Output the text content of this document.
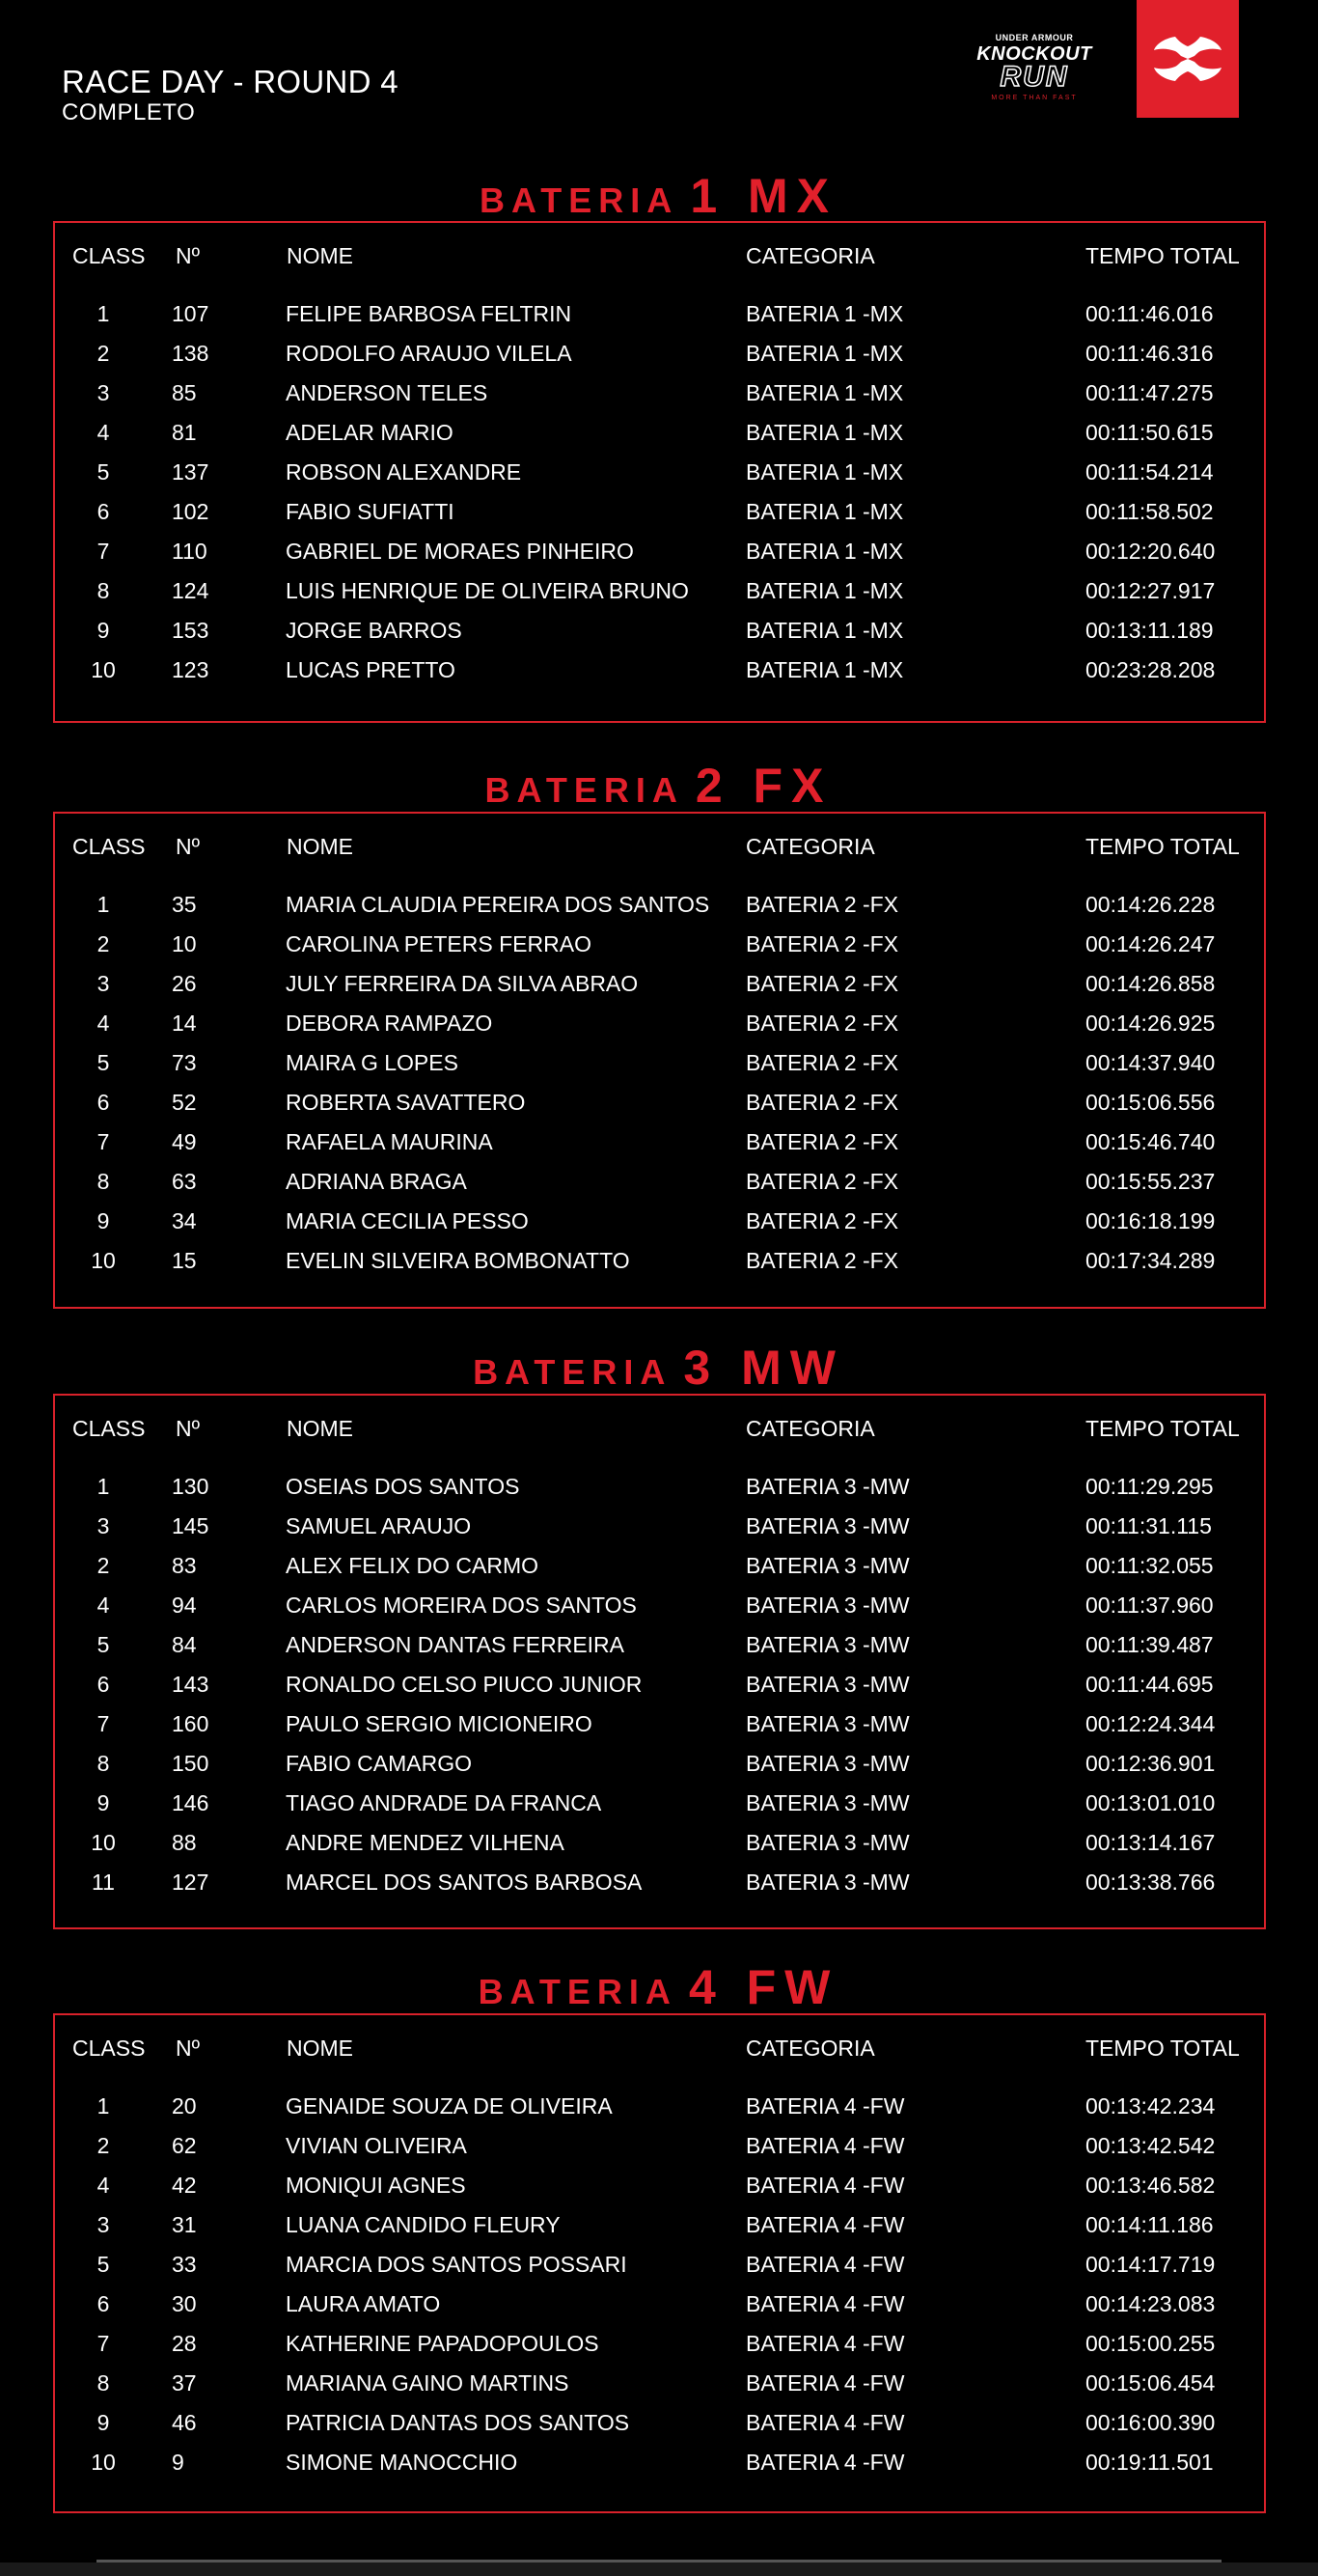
RACE DAY - ROUND 4
COMPLETO
UNDER ARMOUR
KNOCKOUT
RUN
MORE THAN FAST
BATERIA 1 MX
CLASS Nº	NOME	CATEGORIA	TEMPO TOTAL
1	107	FELIPE BARBOSA FELTRIN	BATERIA 1 -MX	00:11:46.016
2	138	RODOLFO ARAUJO VILELA	BATERIA 1 -MX	00:11:46.316
3	85	ANDERSON TELES	BATERIA 1 -MX	00:11:47.275
4	81	ADELAR MARIO	BATERIA 1 -MX	00:11:50.615
5	137	ROBSON ALEXANDRE	BATERIA 1 -MX	00:11:54.214
6	102	FABIO SUFIATTI	BATERIA 1 -MX	00:11:58.502
7	110	GABRIEL DE MORAES PINHEIRO	BATERIA 1 -MX	00:12:20.640
8	124	LUIS HENRIQUE DE OLIVEIRA BRUNO	BATERIA 1 -MX	00:12:27.917
9	153	JORGE BARROS	BATERIA 1 -MX	00:13:11.189
10	123	LUCAS PRETTO	BATERIA 1 -MX	00:23:28.208
BATERIA 2 FX
CLASS Nº	NOME	CATEGORIA	TEMPO TOTAL
1	35	MARIA CLAUDIA PEREIRA DOS SANTOS BATERIA 2 -FX	00:14:26.228
2	10	CAROLINA PETERS FERRAO	BATERIA 2 -FX	00:14:26.247
3	26	JULY FERREIRA DA SILVA ABRAO	BATERIA 2 -FX	00:14:26.858
4	14	DEBORA RAMPAZO	BATERIA 2 -FX	00:14:26.925
5	73	MAIRA G LOPES	BATERIA 2 -FX	00:14:37.940
6	52	ROBERTA SAVATTERO	BATERIA 2 -FX	00:15:06.556
7	49	RAFAELA MAURINA	BATERIA 2 -FX	00:15:46.740
8	63	ADRIANA BRAGA	BATERIA 2 -FX	00:15:55.237
9	34	MARIA CECILIA PESSO	BATERIA 2 -FX	00:16:18.199
10	15	EVELIN SILVEIRA BOMBONATTO	BATERIA 2 -FX	00:17:34.289
BATERIA 3 MW
CLASS Nº	NOME	CATEGORIA	TEMPO TOTAL
1	130	OSEIAS DOS SANTOS	BATERIA 3 -MW	00:11:29.295
3	145	SAMUEL ARAUJO	BATERIA 3 -MW	00:11:31.115
2	83	ALEX FELIX DO CARMO	BATERIA 3 -MW	00:11:32.055
4	94	CARLOS MOREIRA DOS SANTOS	BATERIA 3 -MW	00:11:37.960
5	84	ANDERSON DANTAS FERREIRA	BATERIA 3 -MW	00:11:39.487
6	143	RONALDO CELSO PIUCO JUNIOR	BATERIA 3 -MW	00:11:44.695
7	160	PAULO SERGIO MICIONEIRO	BATERIA 3 -MW	00:12:24.344
8	150	FABIO CAMARGO	BATERIA 3 -MW	00:12:36.901
9	146	TIAGO ANDRADE DA FRANCA	BATERIA 3 -MW	00:13:01.010
10	88	ANDRE MENDEZ VILHENA	BATERIA 3 -MW	00:13:14.167
11	127	MARCEL DOS SANTOS BARBOSA	BATERIA 3 -MW	00:13:38.766
BATERIA 4 FW
CLASS Nº	NOME	CATEGORIA	TEMPO TOTAL
1	20	GENAIDE SOUZA DE OLIVEIRA	BATERIA 4 -FW	00:13:42.234
2	62	VIVIAN OLIVEIRA	BATERIA 4 -FW	00:13:42.542
4	42	MONIQUI AGNES	BATERIA 4 -FW	00:13:46.582
3	31	LUANA CANDIDO FLEURY	BATERIA 4 -FW	00:14:11.186
5	33	MARCIA DOS SANTOS POSSARI	BATERIA 4 -FW	00:14:17.719
6	30	LAURA AMATO	BATERIA 4 -FW	00:14:23.083
7	28	KATHERINE PAPADOPOULOS	BATERIA 4 -FW	00:15:00.255
8	37	MARIANA GAINO MARTINS	BATERIA 4 -FW	00:15:06.454
9	46	PATRICIA DANTAS DOS SANTOS	BATERIA 4 -FW	00:16:00.390
10	9	SIMONE MANOCCHIO	BATERIA 4 -FW	00:19:11.501
